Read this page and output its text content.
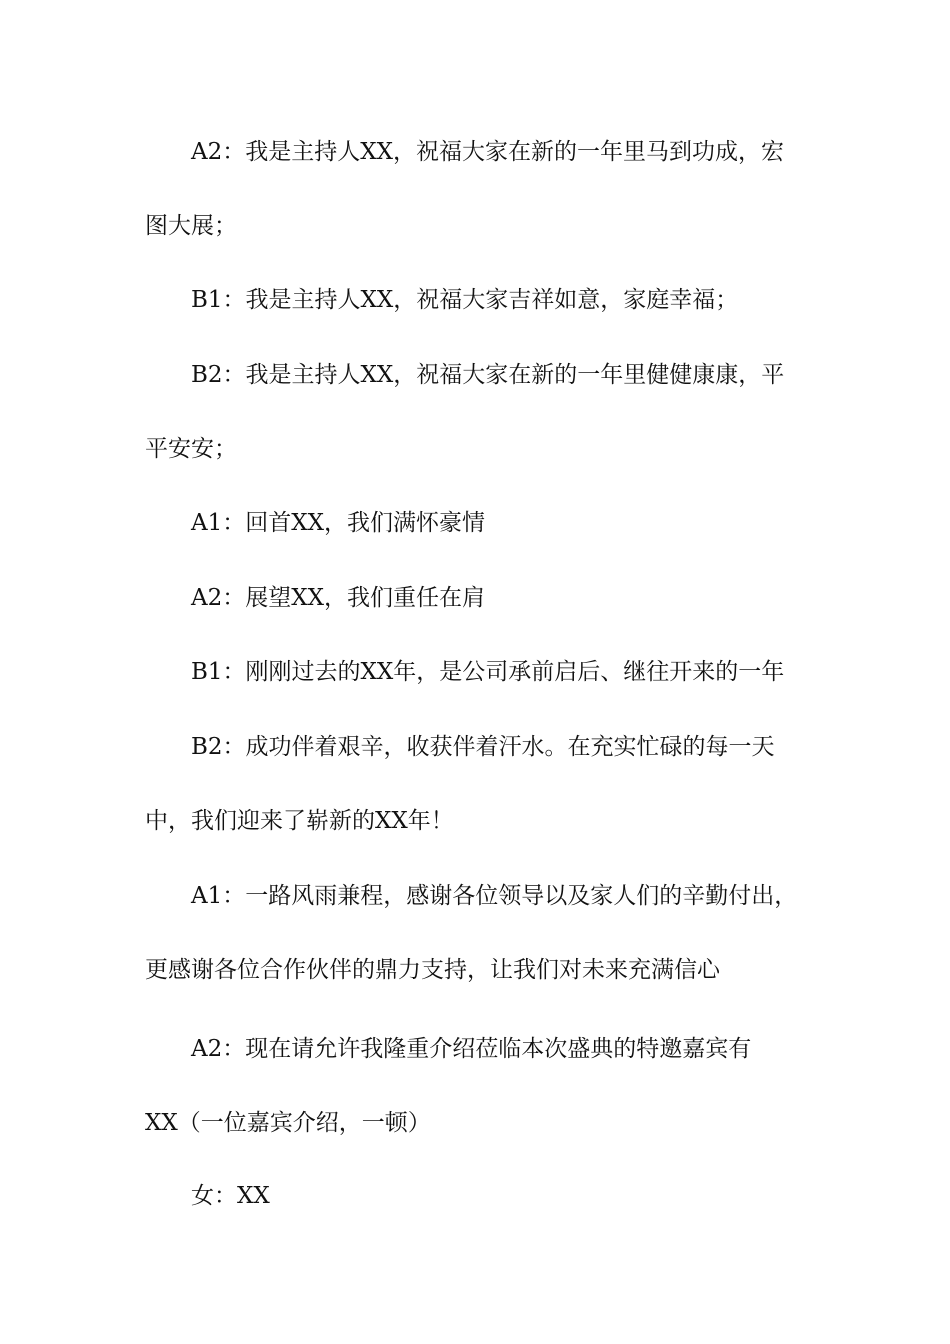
A2：我是主持人XX，祝福大家在新的一年里马到功成，宏
图大展；
B1：我是主持人XX，祝福大家吉祥如意，家庭幸福；
B2：我是主持人XX，祝福大家在新的一年里健健康康，平
平安安；
A1：回首XX，我们满怀豪情
A2：展望XX，我们重任在肩
B1：刚刚过去的XX年，是公司承前启后、继往开来的一年
B2：成功伴着艰辛，收获伴着汗水。在充实忙碌的每一天
中，我们迎来了崭新的XX年！
A1：一路风雨兼程，感谢各位领导以及家人们的辛勤付出，
更感谢各位合作伙伴的鼎力支持，让我们对未来充满信心
A2：现在请允许我隆重介绍莅临本次盛典的特邀嘉宾有
XX（一位嘉宾介绍，一顿）
女：XX
